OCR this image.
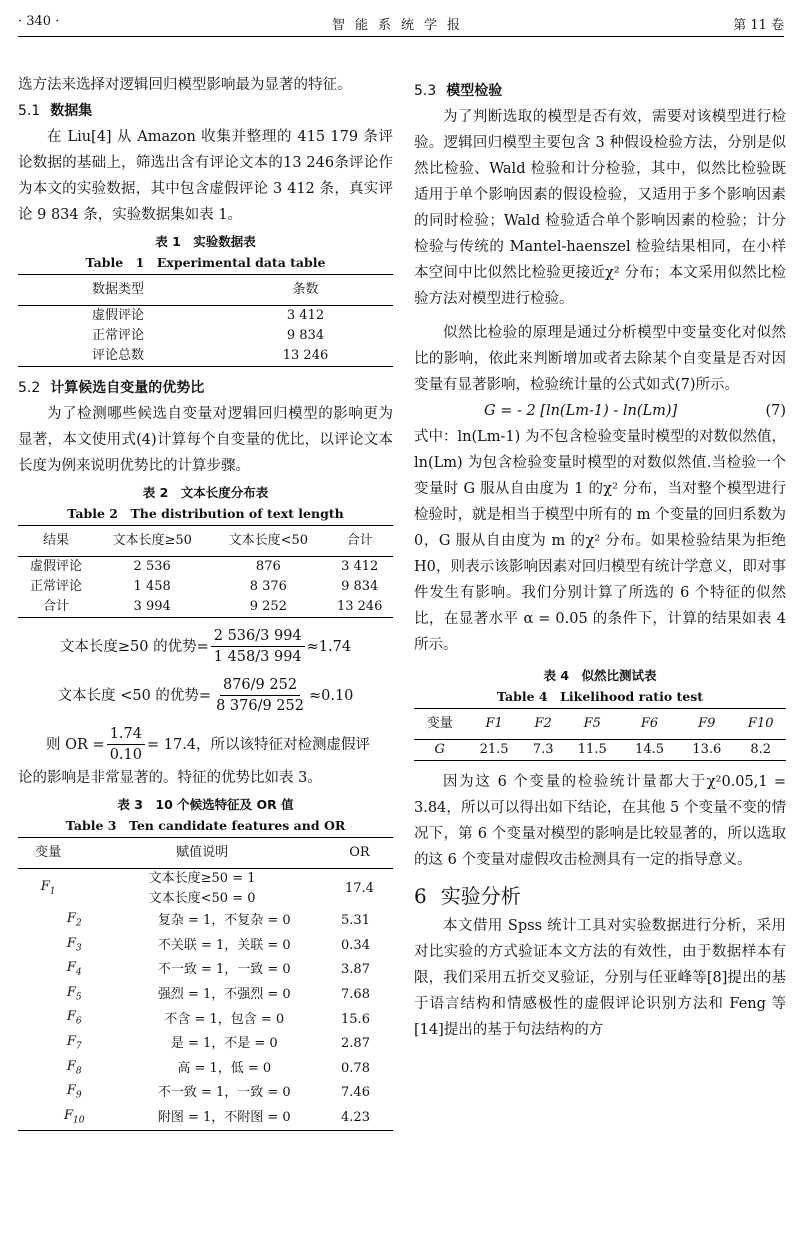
· 340 ·	智能系统学报	第 11 卷

选方法来选择对逻辑回归模型影响最为显著的特征。

5.1 数据集

在 Liu[4] 从 Amazon 收集并整理的 415 179 条评论数据的基础上，筛选出含有评论文本的13 246条评论作为本文的实验数据，其中包含虚假评论 3 412 条，真实评论 9 834 条，实验数据集如表 1。

表 1　实验数据表
Table　1　Experimental data table
数据类型	条数
虚假评论	3 412
正常评论	9 834
评论总数	13 246
5.2 计算候选自变量的优势比

为了检测哪些候选自变量对逻辑回归模型的影响更为显著，本文使用式(4)计算每个自变量的优比，以评论文本长度为例来说明优势比的计算步骤。

表 2　文本长度分布表
Table 2　The distribution of text length
结果	文本长度≥50	文本长度<50	合计
虚假评论	2 536	876	3 412
正常评论	1 458	8 376	9 834
合计	3 994	9 252	13 246
文本长度≥50 的优势= $\frac{2 536/3 994}{1 458/3 994} \approx 1.74$
文本长度 <50 的优势= $\frac{876/9 252}{8 376/9 252} \approx 0.10$
则 OR = $\frac{1.74}{0.10} = 17.4$，所以该特征对检测虚假评

论的影响是非常显著的。特征的优势比如表 3。

表 3　10 个候选特征及 OR 值
Table 3　Ten candidate features and OR
变量	赋值说明	OR
$F_1$	文本长度≥50 = 1	17.4
	文本长度<50 = 0	
$F_2$	复杂 = 1，不复杂 = 0	5.31
$F_3$	不关联 = 1，关联 = 0	0.34
$F_4$	不一致 = 1，一致 = 0	3.87
$F_5$	强烈 = 1，不强烈 = 0	7.68
$F_6$	不含 = 1，包含 = 0	15.6
$F_7$	是 = 1，不是 = 0	2.87
$F_8$	高 = 1，低 = 0	0.78
$F_9$	不一致 = 1，一致 = 0	7.46
$F_{10}$	附图 = 1，不附图 = 0	4.23
5.3 模型检验

为了判断选取的模型是否有效，需要对该模型进行检验。逻辑回归模型主要包含 3 种假设检验方法，分别是似然比检验、Wald 检验和计分检验，其中，似然比检验既适用于单个影响因素的假设检验，又适用于多个影响因素的同时检验；Wald 检验适合单个影响因素的检验；计分检验与传统的 Mantel-haenszel 检验结果相同，在小样本空间中比似然比检验更接近χ² 分布；本文采用似然比检验方法对模型进行检验。

似然比检验的原理是通过分析模型中变量变化对似然比的影响，依此来判断增加或者去除某个自变量是否对因变量有显著影响，检验统计量的公式如式(7)所示。

G = - 2 [ln(Lm-1) - ln(Lm)]	(7)

式中：ln(Lm-1) 为不包含检验变量时模型的对数似然值，ln(Lm) 为包含检验变量时模型的对数似然值.当检验一个变量时 G 服从自由度为 1 的χ² 分布，当对整个模型进行检验时，就是相当于模型中所有的 m 个变量的回归系数为 0，G 服从自由度为 m 的χ² 分布。如果检验结果为拒绝 H0，则表示该影响因素对回归模型有统计学意义，即对事件发生有影响。我们分别计算了所选的 6 个特征的似然比，在显著水平 α = 0.05 的条件下，计算的结果如表 4 所示。

表 4　似然比测试表
Table 4　Likelihood ratio test
变量	F1	F2	F5	F6	F9	F10
G	21.5	7.3	11.5	14.5	13.6	8.2

因为这 6 个变量的检验统计量都大于χ²0.05,1 = 3.84，所以可以得出如下结论，在其他 5 个变量不变的情况下，第 6 个变量对模型的影响是比较显著的，所以选取的这 6 个变量对虚假攻击检测具有一定的指导意义。

6 实验分析

本文借用 Spss 统计工具对实验数据进行分析，采用对比实验的方式验证本文方法的有效性，由于数据样本有限，我们采用五折交叉验证，分别与任亚峰等[8]提出的基于语言结构和情感极性的虚假评论识别方法和 Feng 等[14]提出的基于句法结构的方
